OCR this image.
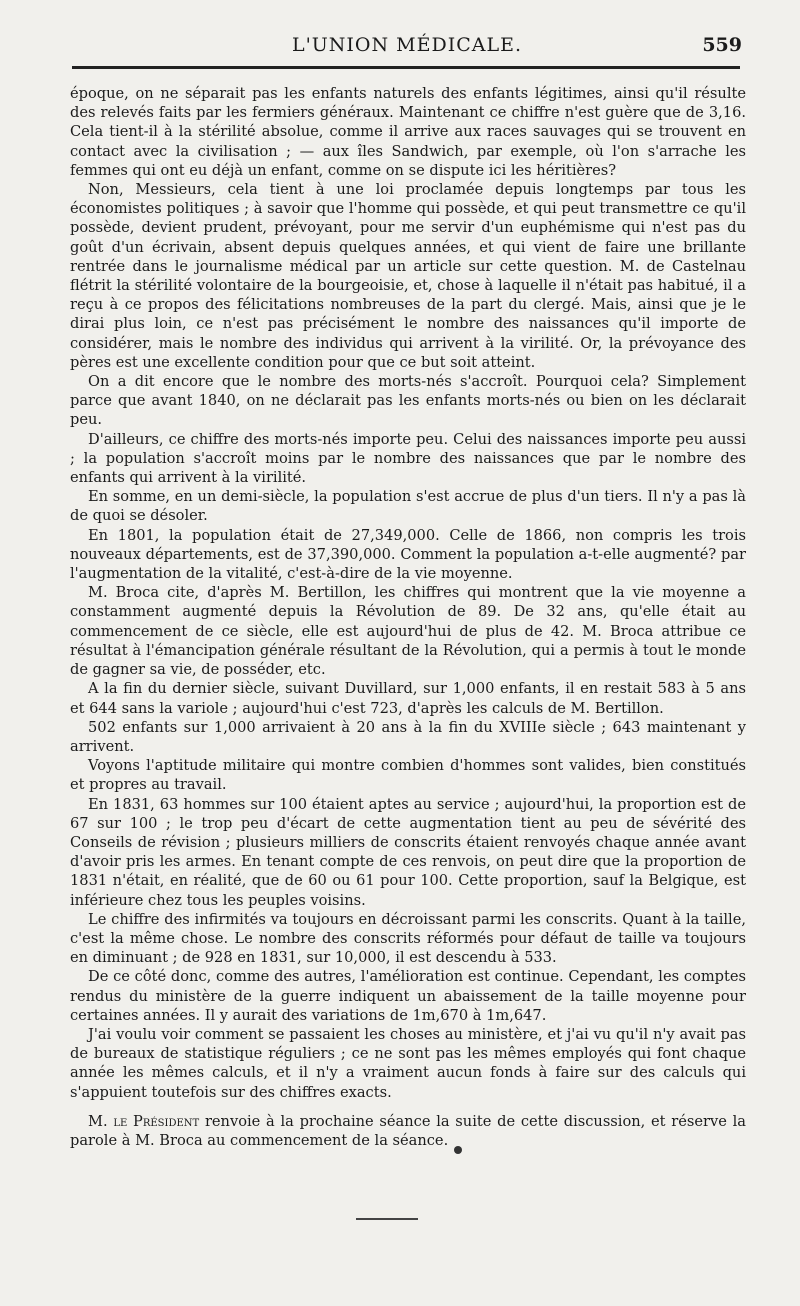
L'UNION MÉDICALE.	559

époque, on ne séparait pas les enfants naturels des enfants légitimes, ainsi qu'il résulte des relevés faits par les fermiers généraux. Maintenant ce chiffre n'est guère que de 3,16. Cela tient-il à la stérilité absolue, comme il arrive aux races sauvages qui se trouvent en contact avec la civilisation ; — aux îles Sandwich, par exemple, où l'on s'arrache les femmes qui ont eu déjà un enfant, comme on se dispute ici les héritières?

Non, Messieurs, cela tient à une loi proclamée depuis longtemps par tous les économistes politiques ; à savoir que l'homme qui possède, et qui peut transmettre ce qu'il possède, devient prudent, prévoyant, pour me servir d'un euphémisme qui n'est pas du goût d'un écrivain, absent depuis quelques années, et qui vient de faire une brillante rentrée dans le journalisme médical par un article sur cette question. M. de Castelnau flétrit la stérilité volontaire de la bourgeoisie, et, chose à laquelle il n'était pas habitué, il a reçu à ce propos des félicitations nombreuses de la part du clergé. Mais, ainsi que je le dirai plus loin, ce n'est pas précisément le nombre des naissances qu'il importe de considérer, mais le nombre des individus qui arrivent à la virilité. Or, la prévoyance des pères est une excellente condition pour que ce but soit atteint.

On a dit encore que le nombre des morts-nés s'accroît. Pourquoi cela? Simplement parce que avant 1840, on ne déclarait pas les enfants morts-nés ou bien on les déclarait peu.

D'ailleurs, ce chiffre des morts-nés importe peu. Celui des naissances importe peu aussi ; la population s'accroît moins par le nombre des naissances que par le nombre des enfants qui arrivent à la virilité.

En somme, en un demi-siècle, la population s'est accrue de plus d'un tiers. Il n'y a pas là de quoi se désoler.

En 1801, la population était de 27,349,000. Celle de 1866, non compris les trois nouveaux départements, est de 37,390,000. Comment la population a-t-elle augmenté? par l'augmentation de la vitalité, c'est-à-dire de la vie moyenne.

M. Broca cite, d'après M. Bertillon, les chiffres qui montrent que la vie moyenne a constamment augmenté depuis la Révolution de 89. De 32 ans, qu'elle était au commencement de ce siècle, elle est aujourd'hui de plus de 42. M. Broca attribue ce résultat à l'émancipation générale résultant de la Révolution, qui a permis à tout le monde de gagner sa vie, de posséder, etc.

A la fin du dernier siècle, suivant Duvillard, sur 1,000 enfants, il en restait 583 à 5 ans et 644 sans la variole ; aujourd'hui c'est 723, d'après les calculs de M. Bertillon.

502 enfants sur 1,000 arrivaient à 20 ans à la fin du XVIIIe siècle ; 643 maintenant y arrivent.

Voyons l'aptitude militaire qui montre combien d'hommes sont valides, bien constitués et propres au travail.

En 1831, 63 hommes sur 100 étaient aptes au service ; aujourd'hui, la proportion est de 67 sur 100 ; le trop peu d'écart de cette augmentation tient au peu de sévérité des Conseils de révision ; plusieurs milliers de conscrits étaient renvoyés chaque année avant d'avoir pris les armes. En tenant compte de ces renvois, on peut dire que la proportion de 1831 n'était, en réalité, que de 60 ou 61 pour 100. Cette proportion, sauf la Belgique, est inférieure chez tous les peuples voisins.

Le chiffre des infirmités va toujours en décroissant parmi les conscrits. Quant à la taille, c'est la même chose. Le nombre des conscrits réformés pour défaut de taille va toujours en diminuant ; de 928 en 1831, sur 10,000, il est descendu à 533.

De ce côté donc, comme des autres, l'amélioration est continue. Cependant, les comptes rendus du ministère de la guerre indiquent un abaissement de la taille moyenne pour certaines années. Il y aurait des variations de 1m,670 à 1m,647.

J'ai voulu voir comment se passaient les choses au ministère, et j'ai vu qu'il n'y avait pas de bureaux de statistique réguliers ; ce ne sont pas les mêmes employés qui font chaque année les mêmes calculs, et il n'y a vraiment aucun fonds à faire sur des calculs qui s'appuient toutefois sur des chiffres exacts.

M. le Président renvoie à la prochaine séance la suite de cette discussion, et réserve la parole à M. Broca au commencement de la séance.
